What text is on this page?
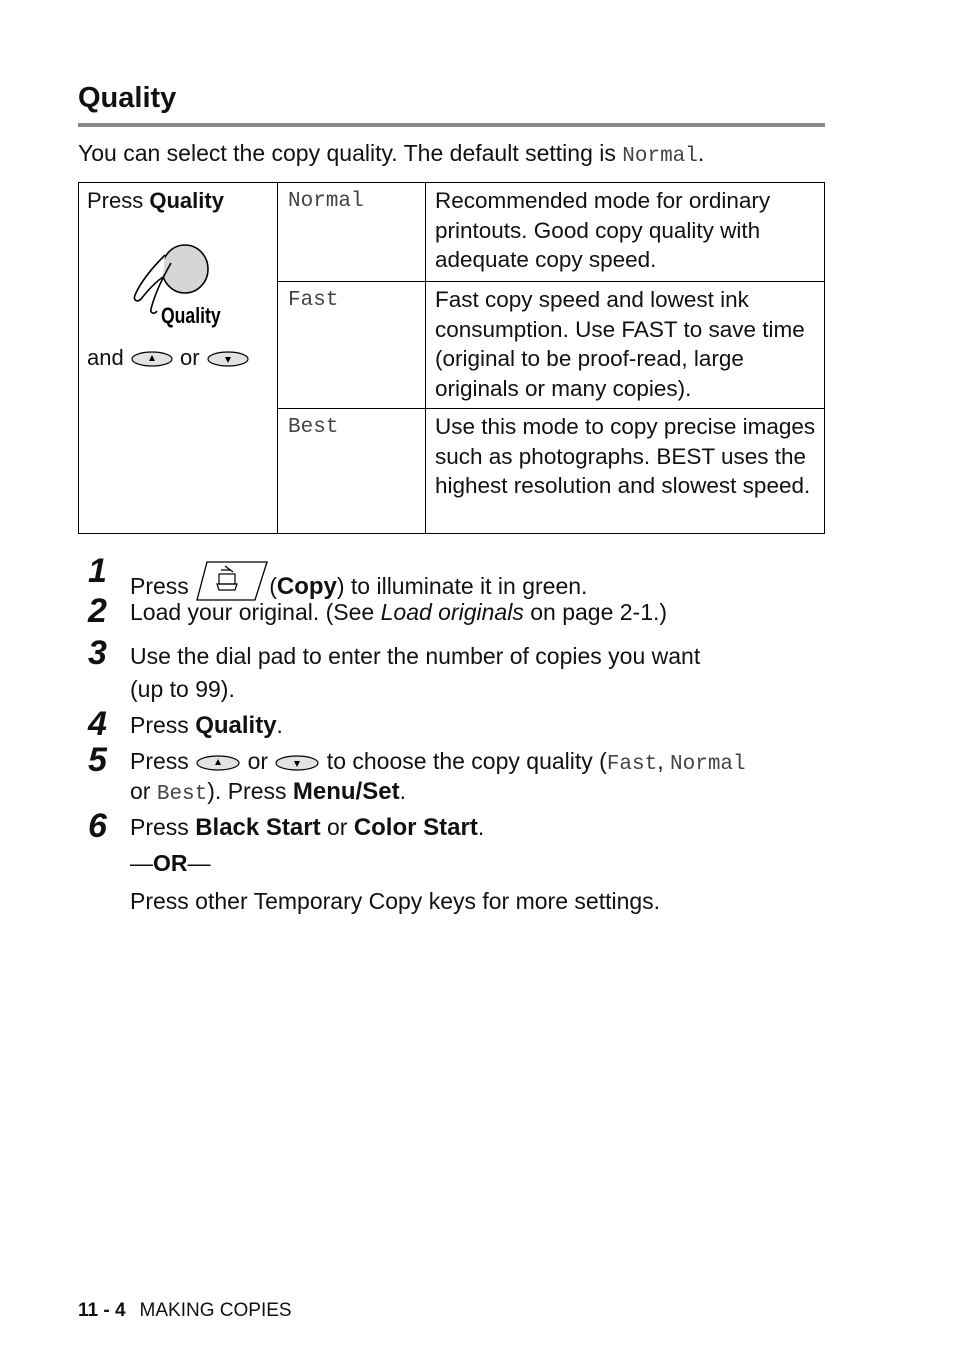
Quality
You can select the copy quality. The default setting is Normal.
Press Quality
Quality
and	or
Normal	Recommended mode for ordinary printouts. Good copy quality with adequate copy speed.
Fast	Fast copy speed and lowest ink consumption. Use FAST to save time (original to be proof-read, large originals or many copies).
Best	Use this mode to copy precise images such as photographs. BEST uses the highest resolution and slowest speed.
1 Press	(Copy) to illuminate it in green.
2 Load your original. (See Load originals on page 2-1.)
3 Use the dial pad to enter the number of copies you want
(up to 99).
4 Press Quality.
5 Press  or  to choose the copy quality (Fast, Normal
or Best). Press Menu/Set.
6 Press Black Start or Color Start.
—OR—
Press other Temporary Copy keys for more settings.
11 - 4 MAKING COPIES
